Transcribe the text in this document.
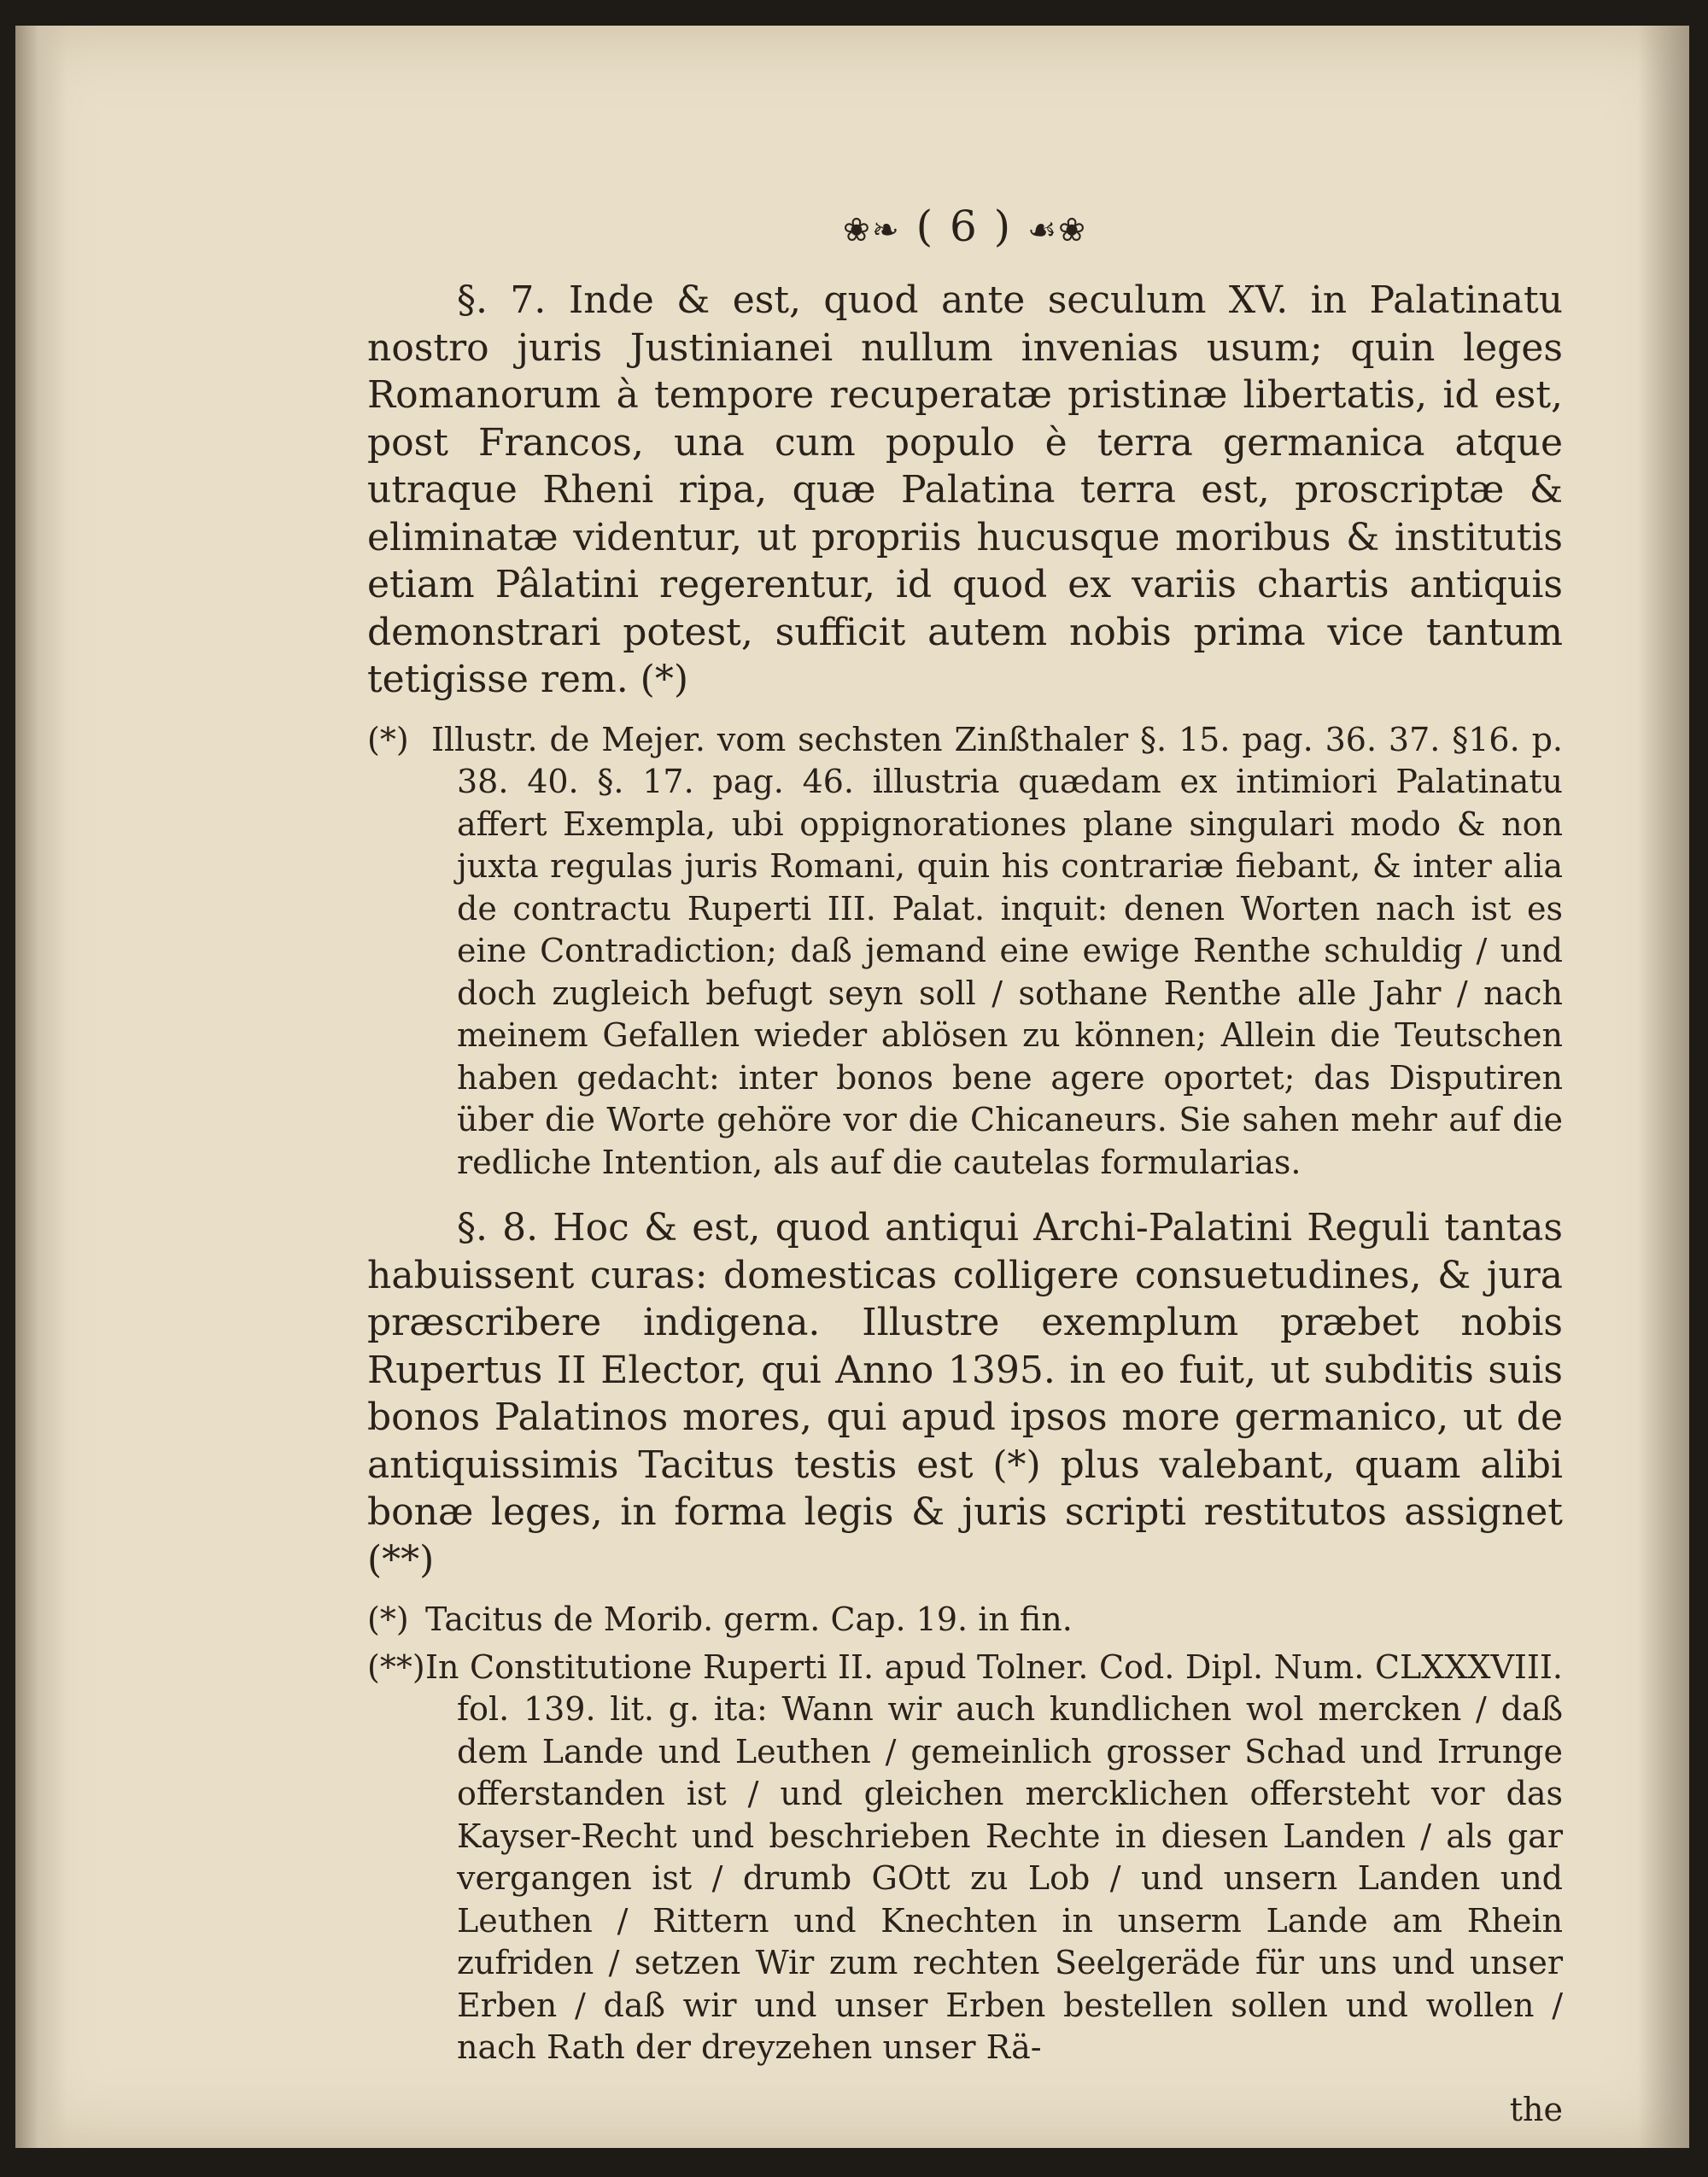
❀❧ ( 6 ) ☙❀

§. 7. Inde & est, quod ante seculum XV. in Palatinatu nostro juris Justinianei nullum invenias usum; quin leges Romanorum à tempore recuperatæ pristinæ libertatis, id est, post Francos, una cum populo è terra germanica atque utraque Rheni ripa, quæ Palatina terra est, proscriptæ & eliminatæ videntur, ut propriis hucusque moribus & institutis etiam Pâlatini regerentur, id quod ex variis chartis antiquis demonstrari potest, sufficit autem nobis prima vice tantum tetigisse rem. (*)

(*) Illustr. de Mejer. vom sechsten Zinßthaler §. 15. pag. 36. 37. §16. p. 38. 40. §. 17. pag. 46. illustria quædam ex intimiori Palatinatu affert Exempla, ubi oppignorationes plane singulari modo & non juxta regulas juris Romani, quin his contrariæ fiebant, & inter alia de contractu Ruperti III. Palat. inquit: denen Worten nach ist es eine Contradiction; daß jemand eine ewige Renthe schuldig / und doch zugleich befugt seyn soll / sothane Renthe alle Jahr / nach meinem Gefallen wieder ablösen zu können; Allein die Teutschen haben gedacht: inter bonos bene agere oportet; das Disputiren über die Worte gehöre vor die Chicaneurs. Sie sahen mehr auf die redliche Intention, als auf die cautelas formularias.

§. 8. Hoc & est, quod antiqui Archi-Palatini Reguli tantas habuissent curas: domesticas colligere consuetudines, & jura præscribere indigena. Illustre exemplum præbet nobis Rupertus II Elector, qui Anno 1395. in eo fuit, ut subditis suis bonos Palatinos mores, qui apud ipsos more germanico, ut de antiquissimis Tacitus testis est (*) plus valebant, quam alibi bonæ leges, in forma legis & juris scripti restitutos assignet (**)

(*) Tacitus de Morib. germ. Cap. 19. in fin.

(**)In Constitutione Ruperti II. apud Tolner. Cod. Dipl. Num. CLXXXVIII. fol. 139. lit. g. ita: Wann wir auch kundlichen wol mercken / daß dem Lande und Leuthen / gemeinlich grosser Schad und Irrunge offerstanden ist / und gleichen mercklichen offersteht vor das Kayser-Recht und beschrieben Rechte in diesen Landen / als gar vergangen ist / drumb GOtt zu Lob / und unsern Landen und Leuthen / Rittern und Knechten in unserm Lande am Rhein zufriden / setzen Wir zum rechten Seelgeräde für uns und unser Erben / daß wir und unser Erben bestellen sollen und wollen / nach Rath der dreyzehen unser Rä-

the
